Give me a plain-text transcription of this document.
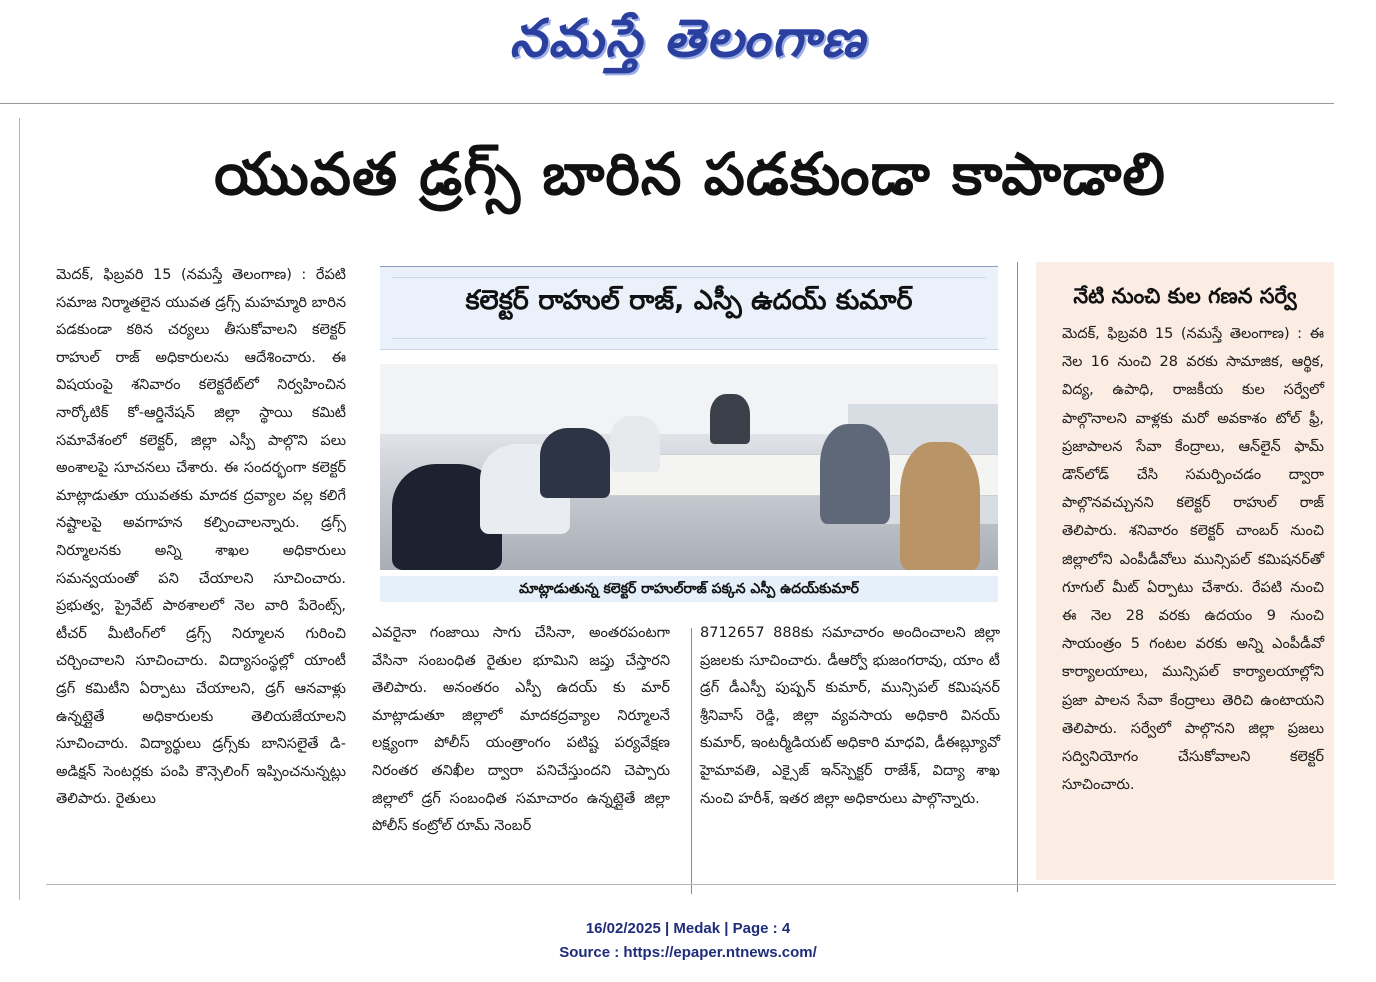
నమస్తే తెలంగాణ
యువత డ్రగ్స్ బారిన పడకుండా కాపాడాలి
మెదక్, ఫిబ్రవరి 15 (నమస్తే తెలంగాణ) : రేపటి సమాజ నిర్మాతలైన యువత డ్రగ్స్ మహమ్మారి బారిన పడకుండా కఠిన చర్యలు తీసుకోవాలని కలెక్టర్ రాహుల్ రాజ్ అధికారులను ఆదేశించారు. ఈ విషయంపై శనివారం కలెక్టరేట్‌లో నిర్వహించిన నార్కోటిక్ కో-ఆర్డినేషన్ జిల్లా స్థాయి కమిటీ సమావేశంలో కలెక్టర్, జిల్లా ఎస్పీ పాల్గొని పలు అంశాలపై సూచనలు చేశారు. ఈ సందర్భంగా కలెక్టర్ మాట్లాడుతూ యువతకు మాదక ద్రవ్యాల వల్ల కలిగే నష్టాలపై అవగాహన కల్పించాలన్నారు. డ్రగ్స్ నిర్మూలనకు అన్ని శాఖల అధికారులు సమన్వయంతో పని చేయాలని సూచించారు. ప్రభుత్వ, ప్రైవేట్ పాఠశాలలో నెల వారి పేరెంట్స్, టీచర్ మీటింగ్‌లో డ్రగ్స్ నిర్మూలన గురించి చర్చించాలని సూచించారు. విద్యాసంస్థల్లో యాంటీ డ్రగ్ కమిటీని ఏర్పాటు చేయాలని, డ్రగ్ ఆనవాళ్లు ఉన్నట్లైతే అధికారులకు తెలియజేయాలని సూచించారు. విద్యార్థులు డ్రగ్స్‌కు బానిసలైతే డి-అడిక్షన్ సెంటర్లకు పంపి కౌన్సెలింగ్ ఇప్పించనున్నట్లు తెలిపారు. రైతులు
కలెక్టర్ రాహుల్ రాజ్, ఎస్పీ ఉదయ్ కుమార్
మాట్లాడుతున్న కలెక్టర్ రాహుల్‌రాజ్ పక్కన ఎస్పీ ఉదయ్‌కుమార్
ఎవరైనా గంజాయి సాగు చేసినా, అంతరపంటగా వేసినా సంబంధిత రైతుల భూమిని జప్తు చేస్తారని తెలిపారు. అనంతరం ఎస్పీ ఉదయ్ కు మార్ మాట్లాడుతూ జిల్లాలో మాదకద్రవ్యాల నిర్మూలనే లక్ష్యంగా పోలీస్ యంత్రాంగం పటిష్ట పర్యవేక్షణ నిరంతర తనిఖీల ద్వారా పనిచేస్తుందని చెప్పారు జిల్లాలో డ్రగ్ సంబంధిత సమాచారం ఉన్నట్లైతే జిల్లా పోలీస్ కంట్రోల్ రూమ్ నెంబర్
8712657 888కు సమాచారం అందించాలని జిల్లా ప్రజలకు సూచించారు. డీఆర్వో భుజంగరావు, యాం టీ డ్రగ్ డీఎస్పీ పుష్పన్ కుమార్, మున్సిపల్ కమిషనర్ శ్రీనివాస్ రెడ్డి, జిల్లా వ్యవసాయ అధికారి వినయ్ కుమార్, ఇంటర్మీడియట్ అధికారి మాధవి, డీఈబ్ల్యూవో హైమావతి, ఎక్సైజ్ ఇన్‌స్పెక్టర్ రాజేశ్, విద్యా శాఖ నుంచి హరీశ్, ఇతర జిల్లా అధికారులు పాల్గొన్నారు.
నేటి నుంచి కుల గణన సర్వే
మెదక్, ఫిబ్రవరి 15 (నమస్తే తెలంగాణ) : ఈ నెల 16 నుంచి 28 వరకు సామాజిక, ఆర్థిక, విద్య, ఉపాధి, రాజకీయ కుల సర్వేలో పాల్గొనాలని వాళ్లకు మరో అవకాశం టోల్ ఫ్రీ, ప్రజాపాలన సేవా కేంద్రాలు, ఆన్‌లైన్ ఫామ్ డౌన్‌లోడ్ చేసి సమర్పించడం ద్వారా పాల్గొనవచ్చునని కలెక్టర్ రాహుల్ రాజ్ తెలిపారు. శనివారం కలెక్టర్ చాంబర్ నుంచి జిల్లాలోని ఎంపీడీవోలు మున్సిపల్ కమిషనర్‌తో గూగుల్ మీట్ ఏర్పాటు చేశారు. రేపటి నుంచి ఈ నెల 28 వరకు ఉదయం 9 నుంచి సాయంత్రం 5 గంటల వరకు అన్ని ఎంపీడీవో కార్యాలయాలు, మున్సిపల్ కార్యాలయాల్లోని ప్రజా పాలన సేవా కేంద్రాలు తెరిచి ఉంటాయని తెలిపారు. సర్వేలో పాల్గొనని జిల్లా ప్రజలు సద్వినియోగం చేసుకోవాలని కలెక్టర్ సూచించారు.
16/02/2025 | Medak | Page : 4
Source : https://epaper.ntnews.com/
